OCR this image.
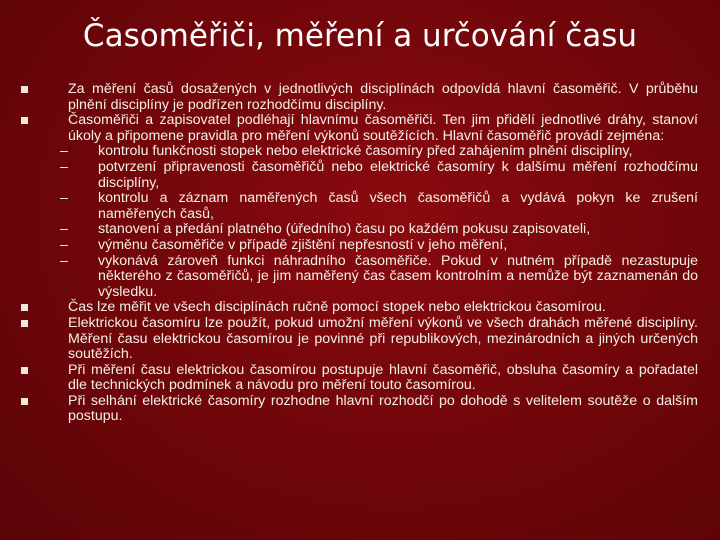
Časoměřiči, měření a určování času
Za měření časů dosažených v jednotlivých disciplínách odpovídá hlavní časoměřič. V průběhu plnění disciplíny je podřízen rozhodčímu disciplíny.
Časoměřiči a zapisovatel podléhají hlavnímu časoměřiči. Ten jim přidělí jednotlivé dráhy, stanoví úkoly a připomene pravidla pro měření výkonů soutěžících. Hlavní časoměřič provádí zejména:
– kontrolu funkčnosti stopek nebo elektrické časomíry před zahájením plnění disciplíny,
– potvrzení připravenosti časoměřičů nebo elektrické časomíry k dalšímu měření rozhodčímu disciplíny,
– kontrolu a záznam naměřených časů všech časoměřičů a vydává pokyn ke zrušení naměřených časů,
– stanovení a předání platného (úředního) času po každém pokusu zapisovateli,
– výměnu časoměřiče v případě zjištění nepřesností v jeho měření,
– vykonává zároveň funkci náhradního časoměřiče. Pokud v nutném případě nezastupuje některého z časoměřičů, je jim naměřený čas časem kontrolním a nemůže být zaznamenán do výsledku.
Čas lze měřit ve všech disciplínách ručně pomocí stopek nebo elektrickou časomírou.
Elektrickou časomíru lze použít, pokud umožní měření výkonů ve všech drahách měřené disciplíny. Měření času elektrickou časomírou je povinné při republikových, mezinárodních a jiných určených soutěžích.
Při měření času elektrickou časomírou postupuje hlavní časoměřič, obsluha časomíry a pořadatel dle technických podmínek a návodu pro měření touto časomírou.
Při selhání elektrické časomíry rozhodne hlavní rozhodčí po dohodě s velitelem soutěže o dalším postupu.
